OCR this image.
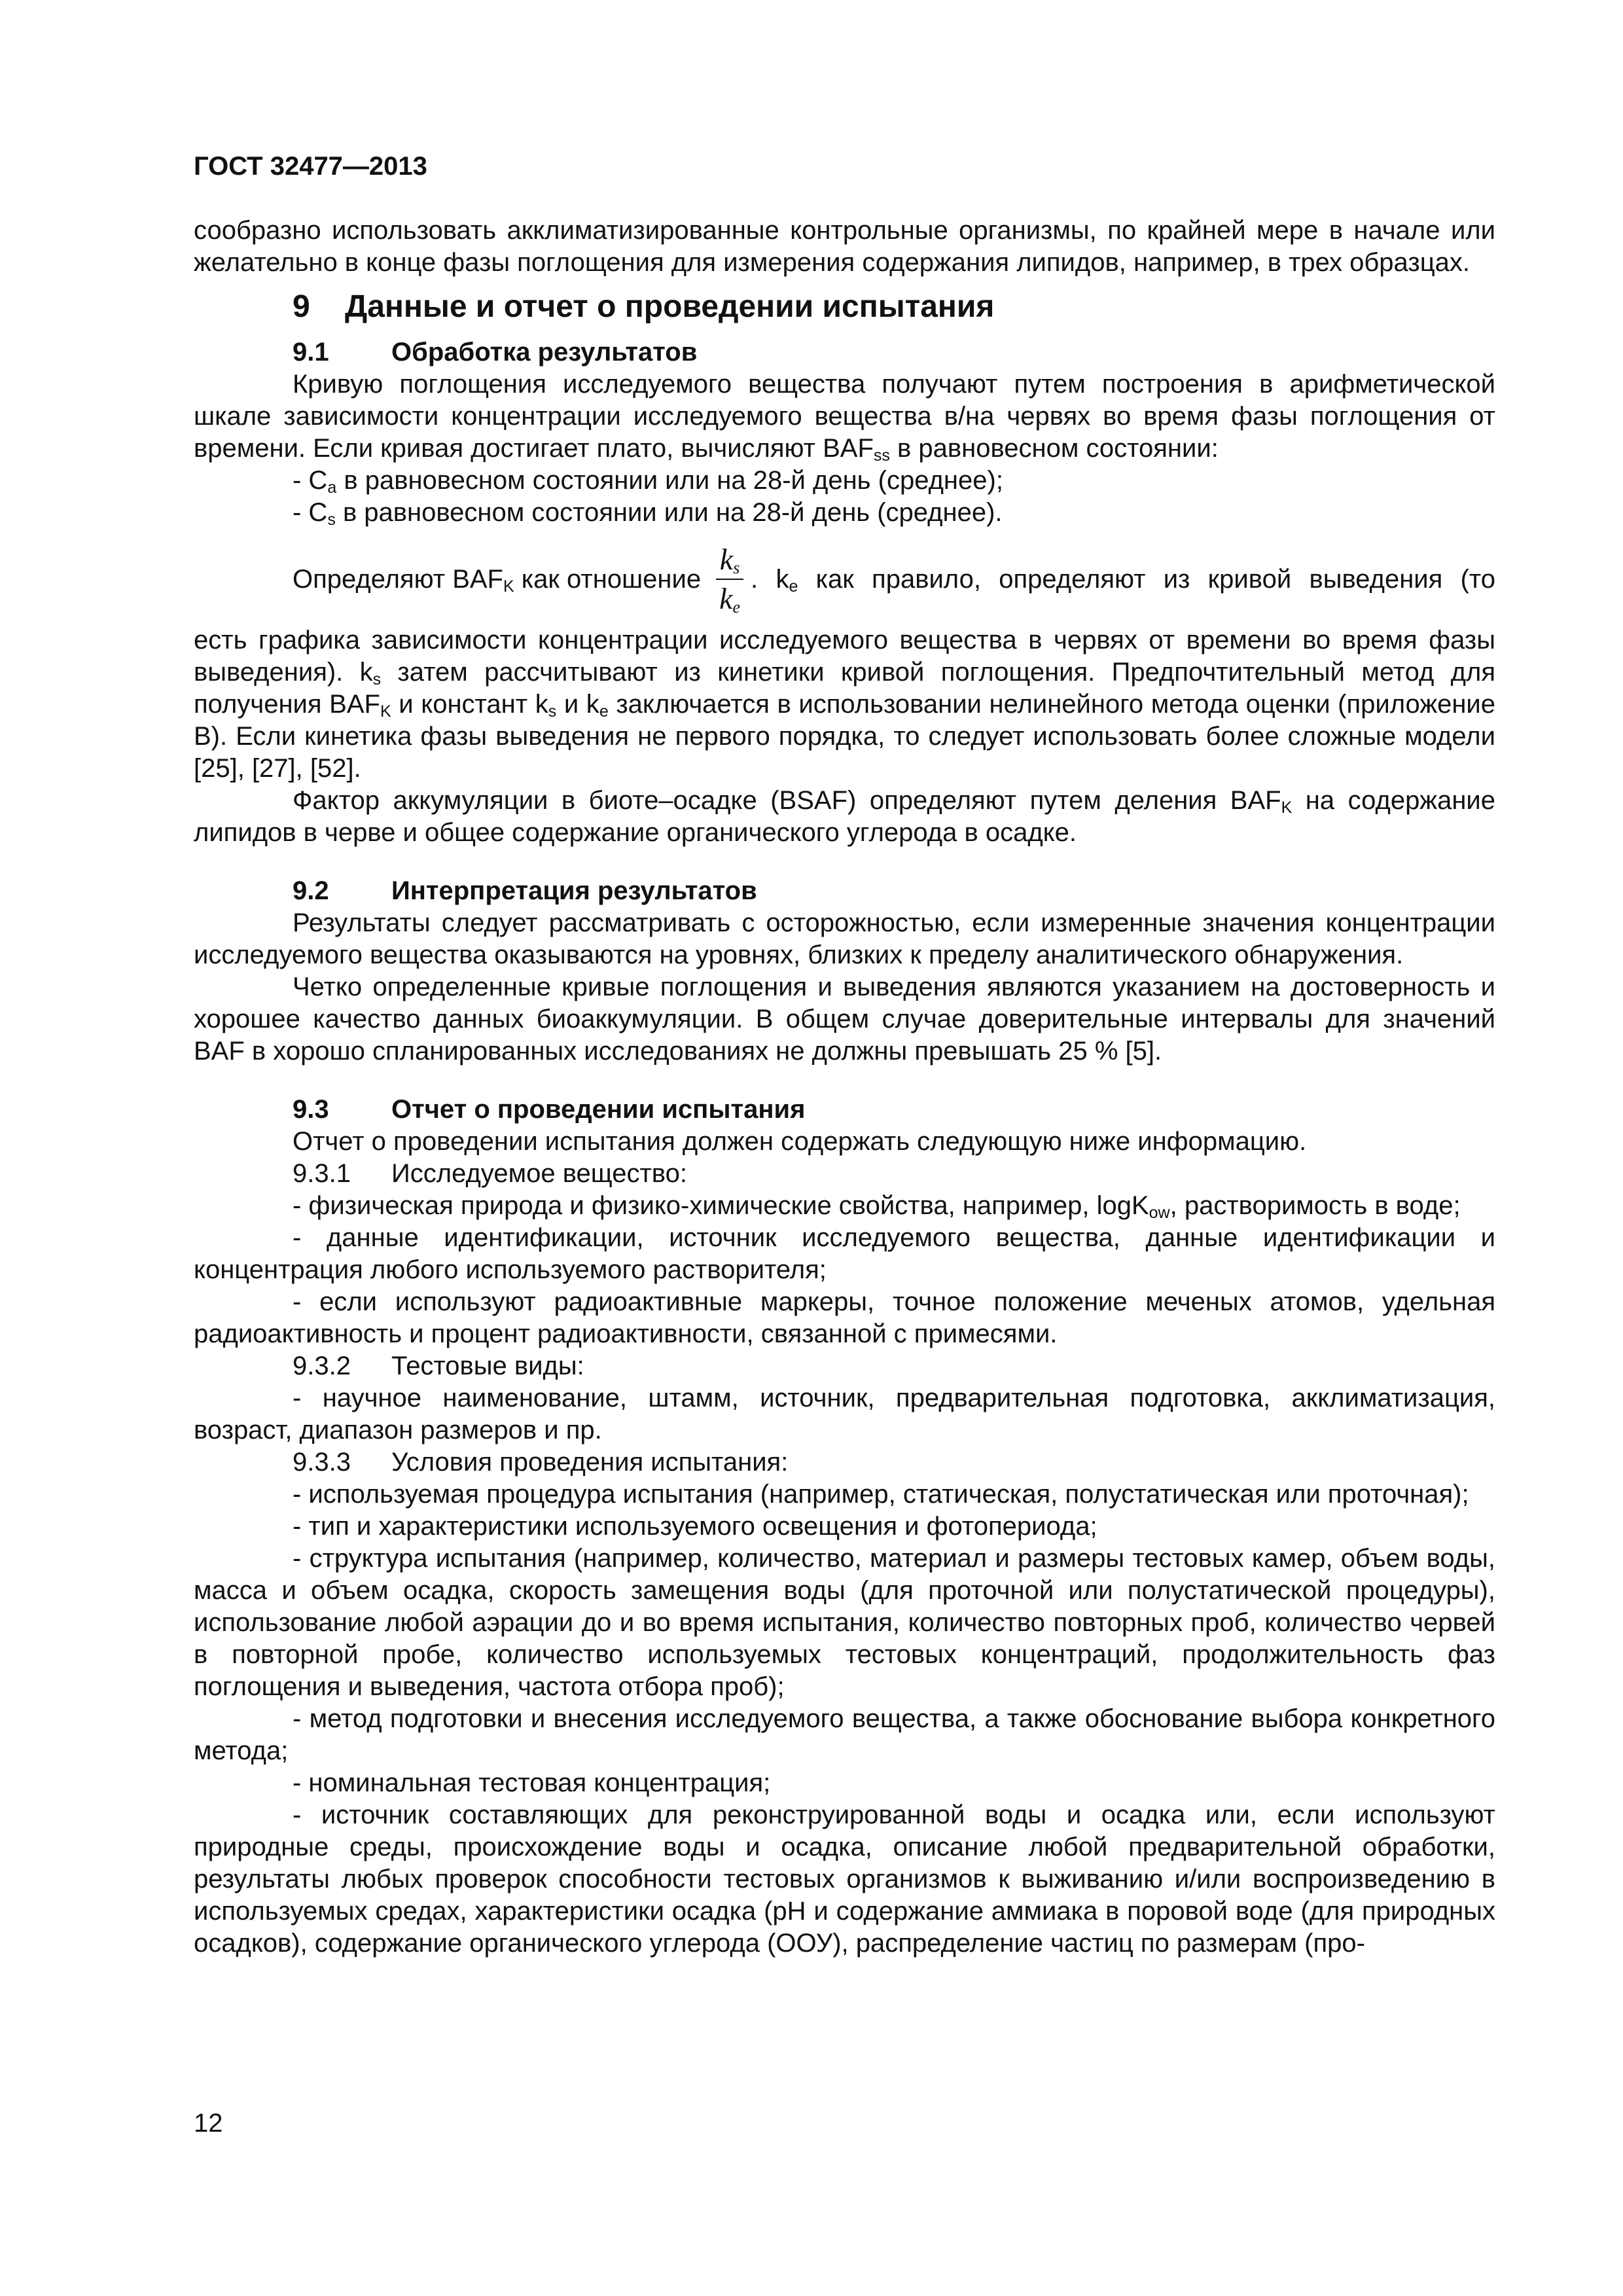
ГОСТ 32477—2013

сообразно использовать акклиматизированные контрольные организмы, по крайней мере в начале или желательно в конце фазы поглощения для измерения содержания липидов, например, в трех образцах.

9 Данные и отчет о проведении испытания
9.1 Обработка результатов

Кривую поглощения исследуемого вещества получают путем построения в арифметической шкале зависимости концентрации исследуемого вещества в/на червях во время фазы поглощения от времени. Если кривая достигает плато, вычисляют $BAF_{ss}$ в равновесном состоянии:

- $C_a$ в равновесном состоянии или на 28-й день (среднее);

- $C_s$ в равновесном состоянии или на 28-й день (среднее).

Определяют $BAF_K$ как отношение $\frac{k_s}{k_e}$ . $k_e$ как правило, определяют из кривой выведения (то

есть графика зависимости концентрации исследуемого вещества в червях от времени во время фазы выведения). $k_s$ затем рассчитывают из кинетики кривой поглощения. Предпочтительный метод для получения $BAF_K$ и констант $k_s$ и $k_e$ заключается в использовании нелинейного метода оценки (приложение В). Если кинетика фазы выведения не первого порядка, то следует использовать более сложные модели [25], [27], [52].

Фактор аккумуляции в биоте–осадке (BSAF) определяют путем деления $BAF_K$ на содержание липидов в черве и общее содержание органического углерода в осадке.

9.2 Интерпретация результатов

Результаты следует рассматривать с осторожностью, если измеренные значения концентрации исследуемого вещества оказываются на уровнях, близких к пределу аналитического обнаружения.

Четко определенные кривые поглощения и выведения являются указанием на достоверность и хорошее качество данных биоаккумуляции. В общем случае доверительные интервалы для значений BAF в хорошо спланированных исследованиях не должны превышать 25 % [5].

9.3 Отчет о проведении испытания

Отчет о проведении испытания должен содержать следующую ниже информацию.

9.3.1 Исследуемое вещество:

- физическая природа и физико-химические свойства, например, logK$_{ow}$, растворимость в воде;

- данные идентификации, источник исследуемого вещества, данные идентификации и концентрация любого используемого растворителя;

- если используют радиоактивные маркеры, точное положение меченых атомов, удельная радиоактивность и процент радиоактивности, связанной с примесями.

9.3.2 Тестовые виды:

- научное наименование, штамм, источник, предварительная подготовка, акклиматизация, возраст, диапазон размеров и пр.

9.3.3 Условия проведения испытания:

- используемая процедура испытания (например, статическая, полустатическая или проточная);

- тип и характеристики используемого освещения и фотопериода;

- структура испытания (например, количество, материал и размеры тестовых камер, объем воды, масса и объем осадка, скорость замещения воды (для проточной или полустатической процедуры), использование любой аэрации до и во время испытания, количество повторных проб, количество червей в повторной пробе, количество используемых тестовых концентраций, продолжительность фаз поглощения и выведения, частота отбора проб);

- метод подготовки и внесения исследуемого вещества, а также обоснование выбора конкретного метода;

- номинальная тестовая концентрация;

- источник составляющих для реконструированной воды и осадка или, если используют природные среды, происхождение воды и осадка, описание любой предварительной обработки, результаты любых проверок способности тестовых организмов к выживанию и/или воспроизведению в используемых средах, характеристики осадка (pH и содержание аммиака в поровой воде (для природных осадков), содержание органического углерода (ООУ), распределение частиц по размерам (про-

12
